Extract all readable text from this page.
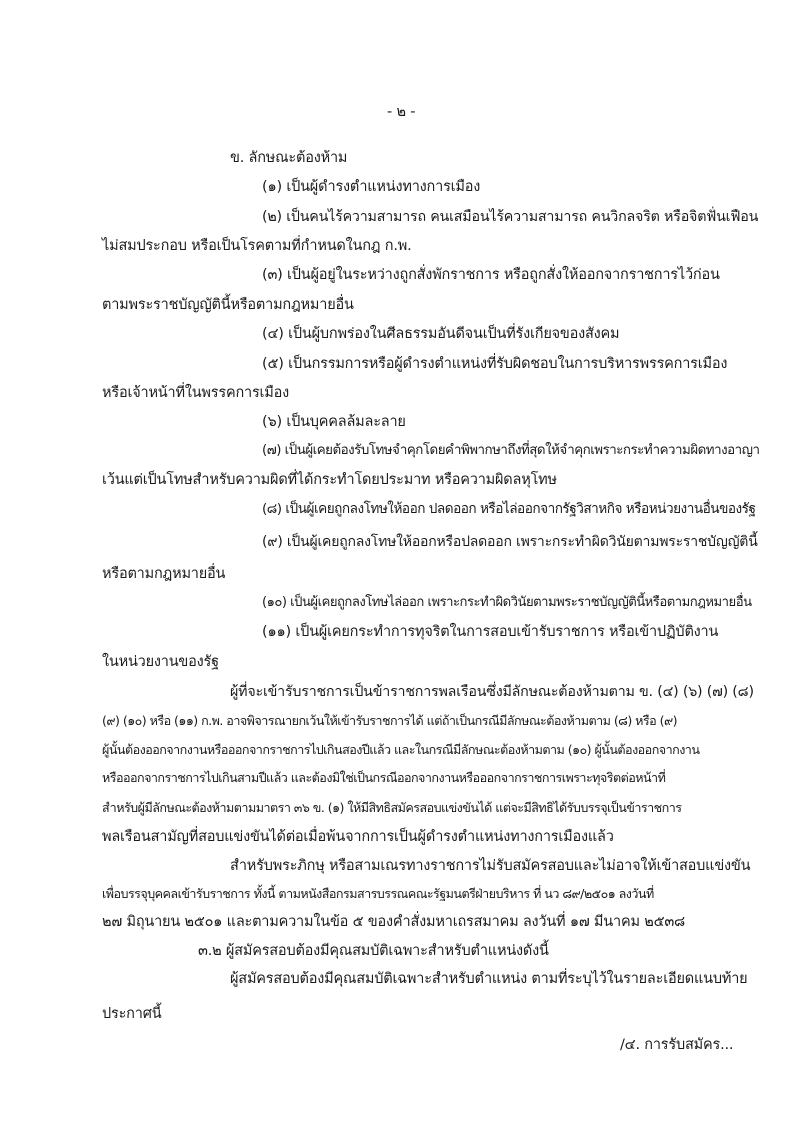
- ๒ -

ข. ลักษณะต้องห้าม

(๑) เป็นผู้ดำรงตำแหน่งทางการเมือง

(๒) เป็นคนไร้ความสามารถ คนเสมือนไร้ความสามารถ คนวิกลจริต หรือจิตฟั่นเฟือน

ไม่สมประกอบ หรือเป็นโรคตามที่กำหนดในกฎ ก.พ.

(๓) เป็นผู้อยู่ในระหว่างถูกสั่งพักราชการ หรือถูกสั่งให้ออกจากราชการไว้ก่อน

ตามพระราชบัญญัตินี้หรือตามกฎหมายอื่น

(๔) เป็นผู้บกพร่องในศีลธรรมอันดีจนเป็นที่รังเกียจของสังคม

(๕) เป็นกรรมการหรือผู้ดำรงตำแหน่งที่รับผิดชอบในการบริหารพรรคการเมือง

หรือเจ้าหน้าที่ในพรรคการเมือง

(๖) เป็นบุคคลล้มละลาย

(๗) เป็นผู้เคยต้องรับโทษจำคุกโดยคำพิพากษาถึงที่สุดให้จำคุกเพราะกระทำความผิดทางอาญา

เว้นแต่เป็นโทษสำหรับความผิดที่ได้กระทำโดยประมาท หรือความผิดลหุโทษ

(๘) เป็นผู้เคยถูกลงโทษให้ออก ปลดออก หรือไล่ออกจากรัฐวิสาหกิจ หรือหน่วยงานอื่นของรัฐ

(๙) เป็นผู้เคยถูกลงโทษให้ออกหรือปลดออก เพราะกระทำผิดวินัยตามพระราชบัญญัตินี้

หรือตามกฎหมายอื่น

(๑๐) เป็นผู้เคยถูกลงโทษไล่ออก เพราะกระทำผิดวินัยตามพระราชบัญญัตินี้หรือตามกฎหมายอื่น

(๑๑) เป็นผู้เคยกระทำการทุจริตในการสอบเข้ารับราชการ หรือเข้าปฏิบัติงาน

ในหน่วยงานของรัฐ

ผู้ที่จะเข้ารับราชการเป็นข้าราชการพลเรือนซึ่งมีลักษณะต้องห้ามตาม ข. (๔) (๖) (๗) (๘)

(๙) (๑๐) หรือ (๑๑) ก.พ. อาจพิจารณายกเว้นให้เข้ารับราชการได้ แต่ถ้าเป็นกรณีมีลักษณะต้องห้ามตาม (๘) หรือ (๙)

ผู้นั้นต้องออกจากงานหรือออกจากราชการไปเกินสองปีแล้ว และในกรณีมีลักษณะต้องห้ามตาม (๑๐) ผู้นั้นต้องออกจากงาน

หรือออกจากราชการไปเกินสามปีแล้ว และต้องมิใช่เป็นกรณีออกจากงานหรือออกจากราชการเพราะทุจริตต่อหน้าที่

สำหรับผู้มีลักษณะต้องห้ามตามมาตรา ๓๖ ข. (๑) ให้มีสิทธิสมัครสอบแข่งขันได้ แต่จะมีสิทธิได้รับบรรจุเป็นข้าราชการ

พลเรือนสามัญที่สอบแข่งขันได้ต่อเมื่อพ้นจากการเป็นผู้ดำรงตำแหน่งทางการเมืองแล้ว

สำหรับพระภิกษุ หรือสามเณรทางราชการไม่รับสมัครสอบและไม่อาจให้เข้าสอบแข่งขัน

เพื่อบรรจุบุคคลเข้ารับราชการ ทั้งนี้ ตามหนังสือกรมสารบรรณคณะรัฐมนตรีฝ่ายบริหาร ที่ นว ๘๙/๒๕๐๑ ลงวันที่

๒๗ มิถุนายน ๒๕๐๑ และตามความในข้อ ๕ ของคำสั่งมหาเถรสมาคม ลงวันที่ ๑๗ มีนาคม ๒๕๓๘

๓.๒ ผู้สมัครสอบต้องมีคุณสมบัติเฉพาะสำหรับตำแหน่งดังนี้

ผู้สมัครสอบต้องมีคุณสมบัติเฉพาะสำหรับตำแหน่ง ตามที่ระบุไว้ในรายละเอียดแนบท้าย

ประกาศนี้

/๔. การรับสมัคร...
